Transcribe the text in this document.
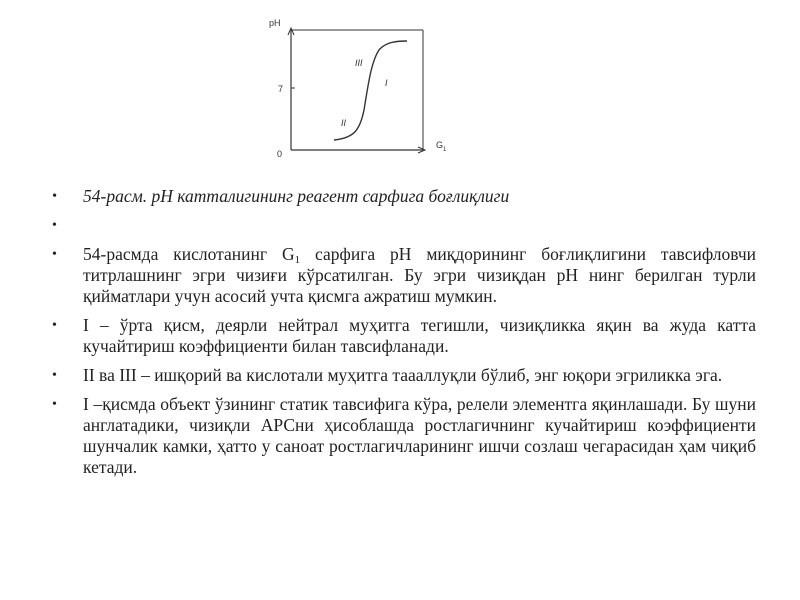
pH
7
0
$G_1$
III
I
II
• 54-расм. рН катталигининг реагент сарфига боғлиқлиги
•
• 54-расмда кислотанинг $G_1$ сарфига рН миқдорининг боғлиқлигини тавсифловчи титрлашнинг эгри чизиғи кўрсатилган. Бу эгри чизиқдан рН нинг берилган турли қийматлари учун асосий учта қисмга ажратиш мумкин.
• I – ўрта қисм, деярли нейтрал муҳитга тегишли, чизиқликка яқин ва жуда катта кучайтириш коэффициенти билан тавсифланади.
• II ва III – ишқорий ва кислотали муҳитга таааллуқли бўлиб, энг юқори эгриликка эга.
• I –қисмда объект ўзининг статик тавсифига кўра, релели элементга яқинлашади. Бу шуни англатадики, чизиқли АРСни ҳисоблашда ростлагичнинг кучайтириш коэффициенти шунчалик камки, ҳатто у саноат ростлагичларининг ишчи созлаш чегарасидан ҳам чиқиб кетади.
